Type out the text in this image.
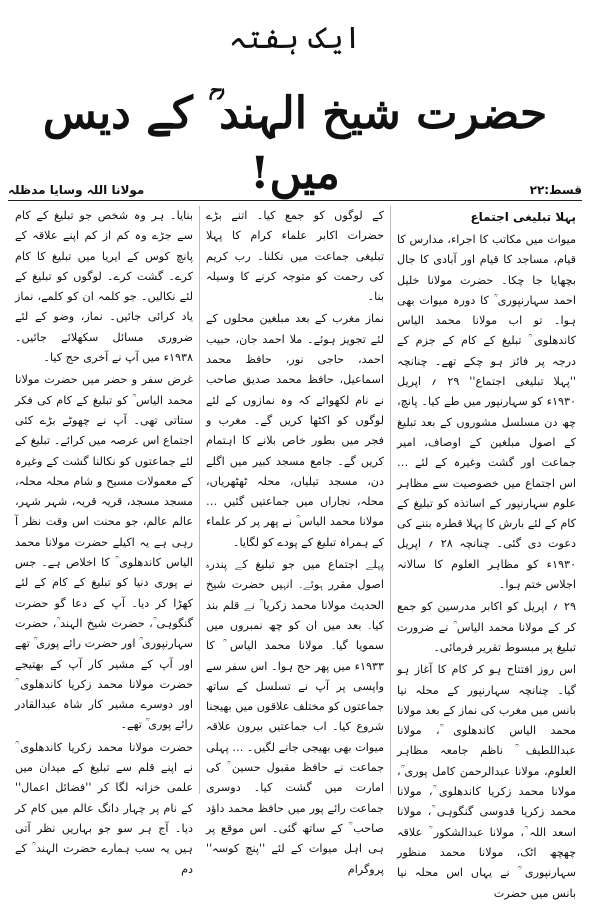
ایک ہفتہ
حضرت شیخ الہند ؒ کے دیس میں!
مولانا اللہ وسایا مدظلہ	قسط:۲۲
پہلا تبلیغی اجتماع

میوات میں مکاتب کا اجراء، مدارس کا قیام، مساجد کا قیام اور آبادی کا جال بچھایا جا چکا۔ حضرت مولانا خلیل احمد سہارنپوری ؒ کا دورہ میوات بھی ہوا۔ تو اب مولانا محمد الیاس کاندھلوی ؒ تبلیغ کے کام کے جزم کے درجہ پر فائز ہو چکے تھے۔ چنانچہ ''پہلا تبلیغی اجتماع'' ۲۹ ؍ اپریل ۱۹۳۰ء کو سہارنپور میں طے کیا۔ پانچ، چھ دن مسلسل مشوروں کے بعد تبلیغ کے اصول مبلغین کے اوصاف، امیر جماعت اور گشت وغیرہ کے لئے … اس اجتماع میں خصوصیت سے مظاہر علوم سہارنپور کے اساتذہ کو تبلیغ کے کام کے لئے بارش کا پہلا قطرہ بننے کی دعوت دی گئی۔ چنانچہ ۲۸ ؍ اپریل ۱۹۳۰ء کو مظاہر العلوم کا سالانہ اجلاس ختم ہوا۔

۲۹ ؍ اپریل کو اکابر مدرسین کو جمع کر کے مولانا محمد الیاس ؒ نے ضرورت تبلیغ پر مبسوط تقریر فرمائی۔

اس روز افتتاح ہو کر کام کا آغاز ہو گیا۔ چنانچہ سہارنپور کے محلہ نیا بانس میں مغرب کی نماز کے بعد مولانا محمد الیاس کاندھلوی ؒ، مولانا عبداللطیف ؒ ناظم جامعہ مظاہر العلوم، مولانا عبدالرحمن کامل پوری ؒ، مولانا محمد زکریا کاندھلوی ؒ، مولانا محمد زکریا قدوسی گنگوہی ؒ، مولانا اسعد اللہ ؒ، مولانا عبدالشکور ؒ علاقہ چھچھ اٹک، مولانا محمد منظور سہارنپوری ؒ نے یہاں اس محلہ نیا بانس میں حضرت

کے لوگوں کو جمع کیا۔ اتنے بڑے حضرات اکابر علماء کرام کا پہلا تبلیغی جماعت میں نکلنا۔ رب کریم کی رحمت کو متوجہ کرنے کا وسیلہ بنا۔

نماز مغرب کے بعد مبلغین محلوں کے لئے تجویز ہوئے۔ ملا احمد جان، حبیب احمد، حاجی نور، حافظ محمد اسماعیل، حافظ محمد صدیق صاحب نے نام لکھوائے کہ وہ نمازوں کے لئے لوگوں کو اکٹھا کریں گے۔ مغرب و فجر میں بطور خاص بلانے کا اہتمام کریں گے۔ جامع مسجد کبیر میں اگلے دن، مسجد تیلیاں، محلہ ٹھٹھریاں، محلہ، نجاراں میں جماعتیں گئیں … مولانا محمد الیاس ؒ نے پھر پر کر علماء کے ہمراہ تبلیغ کے پودے کو لگایا۔

پہلے اجتماع میں جو تبلیغ کے پندرہ اصول مقرر ہوئے۔ انہیں حضرت شیخ الحدیث مولانا محمد زکریا ؒ نے قلم بند کیا۔ بعد میں ان کو چھ نمبروں میں سمویا گیا۔ مولانا محمد الیاس ؒ کا ۱۹۳۳ء میں پھر حج ہوا۔ اس سفر سے واپسی پر آپ نے تسلسل کے ساتھ جماعتوں کو مختلف علاقوں میں بھیجنا شروع کیا۔ اب جماعتیں بیرون علاقہ میوات بھی بھیجی جانے لگیں۔ … پہلی جماعت نے حافظ مقبول حسین ؒ کی امارت میں گشت کیا۔ دوسری جماعت رائے پور میں حافظ محمد داؤد صاحب ؒ کے ساتھ گئی۔ اس موقع پر ہی اہل میوات کے لئے ''پنچ کوسہ'' پروگرام

بنایا۔ ہر وہ شخص جو تبلیغ کے کام سے جڑے وہ کم از کم اپنے علاقہ کے پانچ کوس کے ایریا میں تبلیغ کا کام کرے۔ گشت کرے۔ لوگوں کو تبلیغ کے لئے نکالیں۔ جو کلمہ ان کو کلمے، نماز یاد کرائی جائیں۔ نماز، وضو کے لئے ضروری مسائل سکھلائے جائیں۔ ۱۹۳۸ء میں آپ نے آخری حج کیا۔

غرض سفر و حضر میں حضرت مولانا محمد الیاس ؒ کو تبلیغ کے کام کی فکر ستاتی تھی۔ آپ نے چھوٹے بڑے کئی اجتماع اس عرصہ میں کرائے۔ تبلیغ کے لئے جماعتوں کو نکالنا گشت کے وغیرہ کے معمولات مسیح و شام محلہ محلہ، مسجد مسجد، قریہ قریہ، شہر شہر، عالم عالم، جو محنت اس وقت نظر آ رہی ہے یہ اکیلے حضرت مولانا محمد الیاس کاندھلوی ؒ کا اخلاص ہے۔ جس نے پوری دنیا کو تبلیغ کے کام کے لئے کھڑا کر دیا۔ آپ کے دعا گو حضرت گنگوہی ؒ، حضرت شیخ الہند ؒ، حضرت سہارنپوری ؒ اور حضرت رائے پوری ؒ تھے اور آپ کے مشیر کار آپ کے بھتیجے حضرت مولانا محمد زکریا کاندھلوی ؒ اور دوسرے مشیر کار شاہ عبدالقادر رائے پوری ؒ تھے۔

حضرت مولانا محمد زکریا کاندھلوی ؒ نے اپنے قلم سے تبلیغ کے میدان میں علمی خزانہ لگا کر ''فضائل اعمال'' کے نام پر چہار دانگ عالم میں کام کر دیا۔ آج ہر سو جو بہاریں نظر آتی ہیں یہ سب ہمارے حضرت الہند ؒ کے دم
